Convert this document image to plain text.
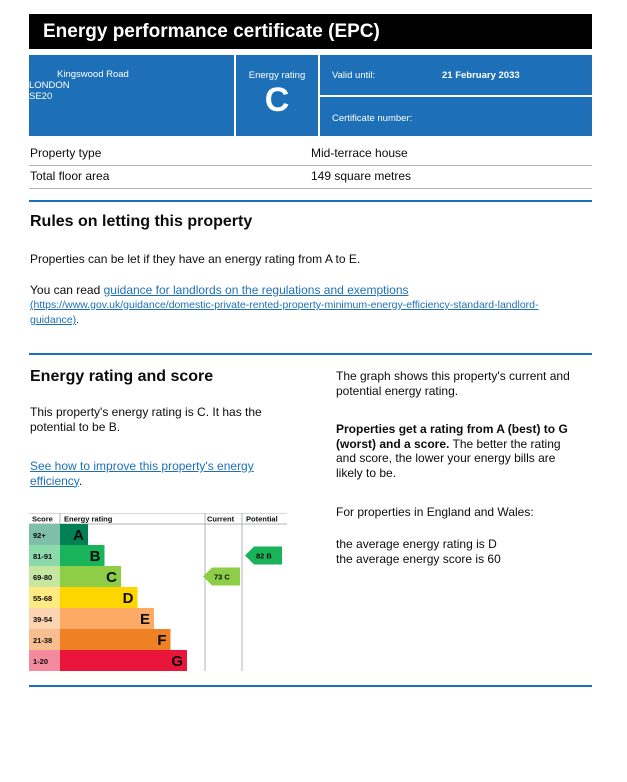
Energy performance certificate (EPC)
Kingswood Road
LONDON
SE20
Energy rating
C
Valid until:	21 February 2033
Certificate number:
Property type	Mid-terrace house
Total floor area	149 square metres
Rules on letting this property

Properties can be let if they have an energy rating from A to E.

You can read guidance for landlords on the regulations and exemptions

(https://www.gov.uk/guidance/domestic-private-rented-property-minimum-energy-efficiency-standard-landlord-
guidance).

Energy rating and score

This property's energy rating is C. It has the
potential to be B.

See how to improve this property's energy
efficiency.

The graph shows this property's current and
potential energy rating.

Properties get a rating from A (best) to G
(worst) and a score. The better the rating
and score, the lower your energy bills are
likely to be.

For properties in England and Wales:

the average energy rating is D
the average energy score is 60

Score Energy rating	Current Potential
92+ A
81-91 B
69-80	C
55-68	D
39-54	E
21-38	F
1-20	G
73 C
82 B
